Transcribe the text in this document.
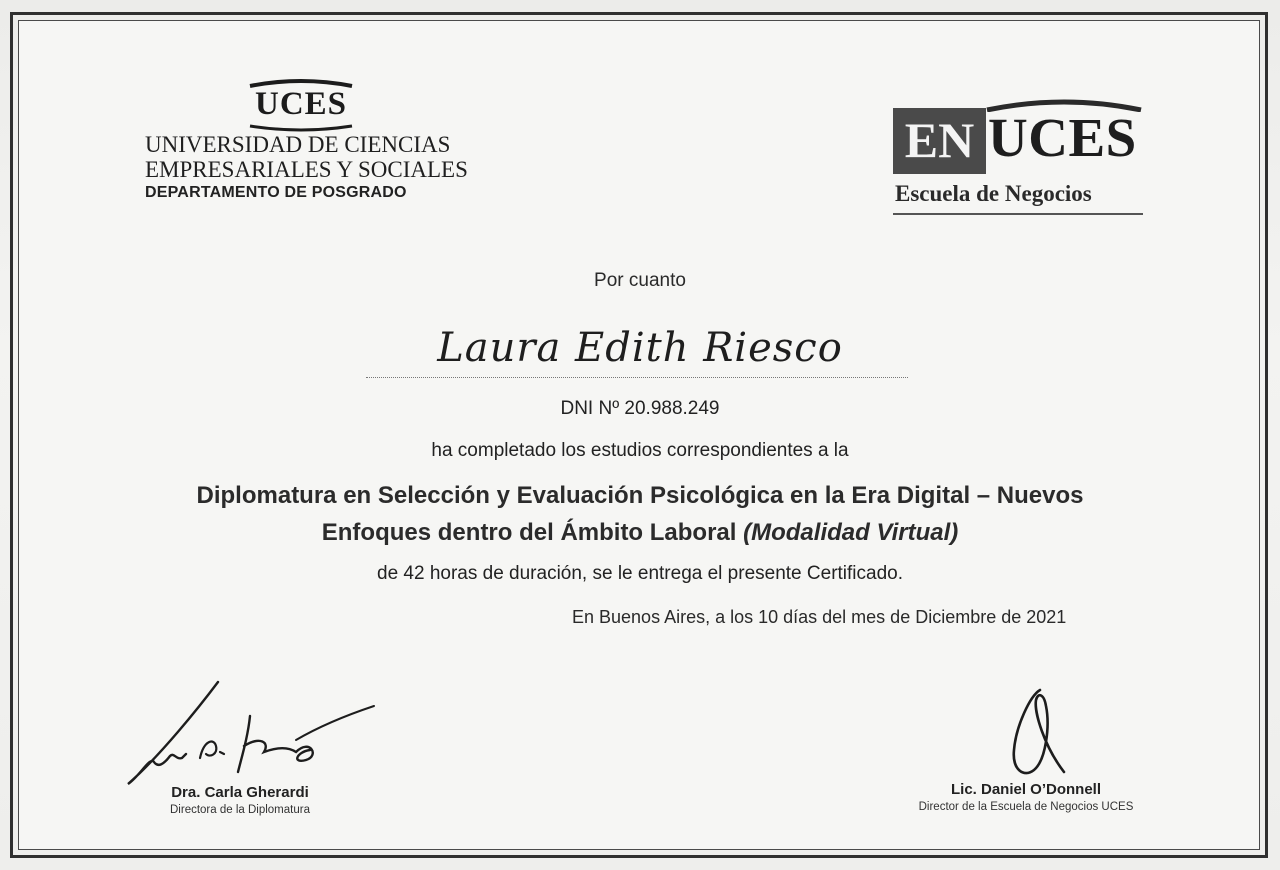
UCES
UNIVERSIDAD DE CIENCIAS
EMPRESARIALES Y SOCIALES
DEPARTAMENTO DE POSGRADO
EN UCES
Escuela de Negocios
Por cuanto
Laura Edith Riesco
DNI Nº 20.988.249
ha completado los estudios correspondientes a la
Diplomatura en Selección y Evaluación Psicológica en la Era Digital – Nuevos
Enfoques dentro del Ámbito Laboral (Modalidad Virtual)
de 42 horas de duración, se le entrega el presente Certificado.
En Buenos Aires, a los 10 días del mes de Diciembre de 2021
Dra. Carla Gherardi
Directora de la Diplomatura
Lic. Daniel O’Donnell
Director de la Escuela de Negocios UCES
